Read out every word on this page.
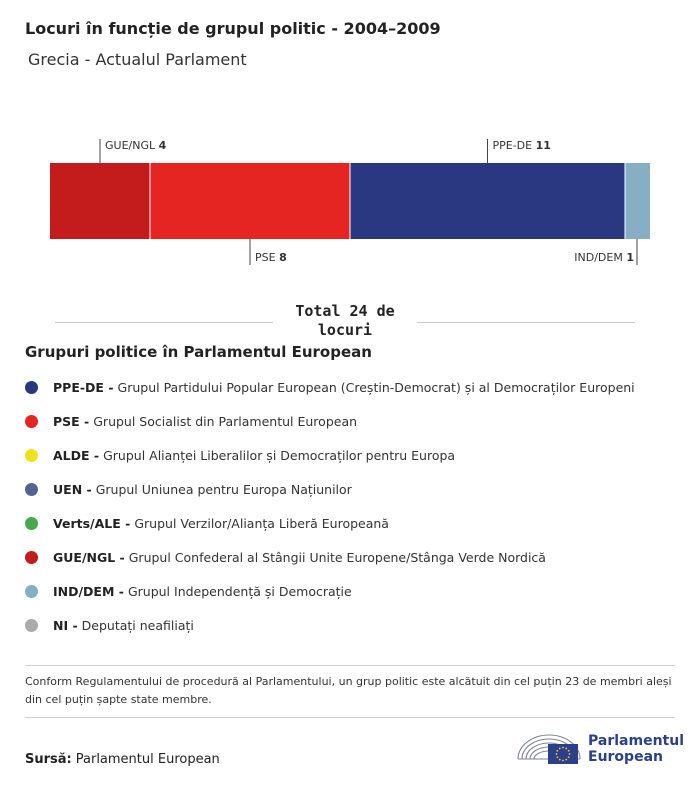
Locuri în funcție de grupul politic - 2004–2009
Grecia - Actualul Parlament
GUE/NGL 4
PSE 8
PPE-DE 11
IND/DEM 1
Total 24 de locuri
Grupuri politice în Parlamentul European
PPE-DE - Grupul Partidului Popular European (Creștin-Democrat) și al Democraților Europeni
PSE - Grupul Socialist din Parlamentul European
ALDE - Grupul Alianței Liberalilor și Democraților pentru Europa
UEN - Grupul Uniunea pentru Europa Națiunilor
Verts/ALE - Grupul Verzilor/Alianța Liberă Europeană
GUE/NGL - Grupul Confederal al Stângii Unite Europene/Stânga Verde Nordică
IND/DEM - Grupul Independență și Democrație
NI - Deputați neafiliați
Conform Regulamentului de procedură al Parlamentului, un grup politic este alcătuit din cel puțin 23 de membri aleși din cel puțin șapte state membre.
Sursă: Parlamentul European
Parlamentul
European
